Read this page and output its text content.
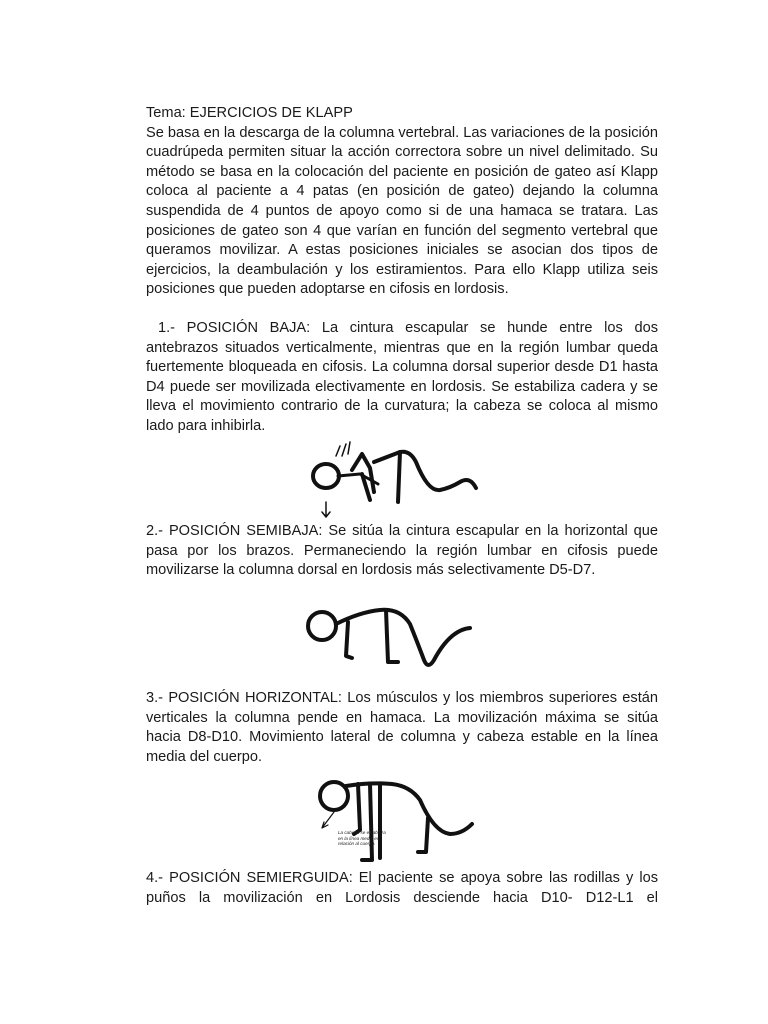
Tema: EJERCICIOS DE KLAPP
Se basa en la descarga de la columna vertebral. Las variaciones de la posición cuadrúpeda permiten situar la acción correctora sobre un nivel delimitado. Su método se basa en la colocación del paciente en posición de gateo así Klapp coloca al paciente a 4 patas (en posición de gateo) dejando la columna suspendida de 4 puntos de apoyo como si de una hamaca se tratara. Las posiciones de gateo son 4 que varían en función del segmento vertebral que queramos movilizar. A estas posiciones iniciales se asocian dos tipos de ejercicios, la deambulación y los estiramientos. Para ello Klapp utiliza seis posiciones que pueden adoptarse en cifosis en lordosis.

1.- POSICIÓN BAJA: La cintura escapular se hunde entre los dos antebrazos situados verticalmente, mientras que en la región lumbar queda fuertemente bloqueada en cifosis. La columna dorsal superior desde D1 hasta D4 puede ser movilizada electivamente en lordosis. Se estabiliza cadera y se lleva el movimiento contrario de la curvatura; la cabeza se coloca al mismo lado para inhibirla.

2.- POSICIÓN SEMIBAJA: Se sitúa la cintura escapular en la horizontal que pasa por los brazos. Permaneciendo la región lumbar en cifosis puede movilizarse la columna dorsal en lordosis más selectivamente D5-D7.

3.- POSICIÓN HORIZONTAL: Los músculos y los miembros superiores están verticales la columna pende en hamaca. La movilización máxima se sitúa hacia D8-D10. Movimiento lateral de columna y cabeza estable en la línea media del cuerpo.

La cabeza se estabiliza en la línea media en relación al cuerpo.

4.- POSICIÓN SEMIERGUIDA: El paciente se apoya sobre las rodillas y los puños la movilización en Lordosis desciende hacia D10- D12-L1 el
